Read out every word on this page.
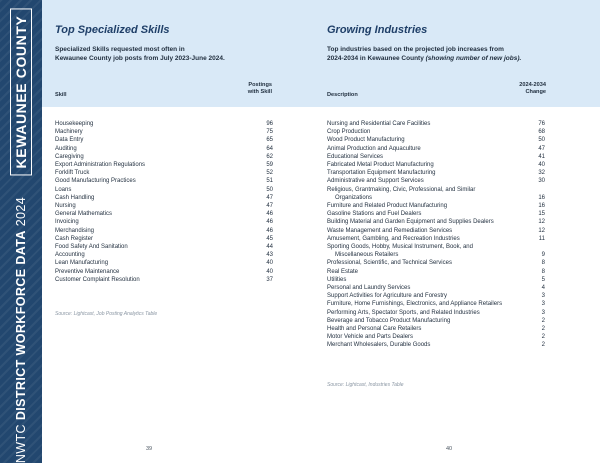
KEWAUNEE COUNTY
NWTC DISTRICT WORKFORCE DATA 2024
Top Specialized Skills

Specialized Skills requested most often in
Kewaunee County job posts from July 2023-June 2024.

Skill
Postings
with Skill
Housekeeping	96
Machinery	75
Data Entry	65
Auditing	64
Caregiving	62
Export Administration Regulations	59
Forklift Truck	52
Good Manufacturing Practices	51
Loans	50
Cash Handling	47
Nursing	47
General Mathematics	46
Invoicing	46
Merchandising	46
Cash Register	45
Food Safety And Sanitation	44
Accounting	43
Lean Manufacturing	40
Preventive Maintenance	40
Customer Complaint Resolution	37
Source: Lightcast, Job Posting Analytics Table
39
Growing Industries

Top industries based on the projected job increases from
2024-2034 in Kewaunee County (showing number of new jobs).

Description
2024-2034
Change
Nursing and Residential Care Facilities	76
Crop Production	68
Wood Product Manufacturing	50
Animal Production and Aquaculture	47
Educational Services	41
Fabricated Metal Product Manufacturing	40
Transportation Equipment Manufacturing	32
Administrative and Support Services	30
Religious, Grantmaking, Civic, Professional, and Similar
Organizations	16
Furniture and Related Product Manufacturing	16
Gasoline Stations and Fuel Dealers	15
Building Material and Garden Equipment and Supplies Dealers	12
Waste Management and Remediation Services	12
Amusement, Gambling, and Recreation Industries	11
Sporting Goods, Hobby, Musical Instrument, Book, and
Miscellaneous Retailers	9
Professional, Scientific, and Technical Services	8
Real Estate	8
Utilities	5
Personal and Laundry Services	4
Support Activities for Agriculture and Forestry	3
Furniture, Home Furnishings, Electronics, and Appliance Retailers	3
Performing Arts, Spectator Sports, and Related Industries	3
Beverage and Tobacco Product Manufacturing	2
Health and Personal Care Retailers	2
Motor Vehicle and Parts Dealers	2
Merchant Wholesalers, Durable Goods	2
Source: Lightcast, Industries Table
40
